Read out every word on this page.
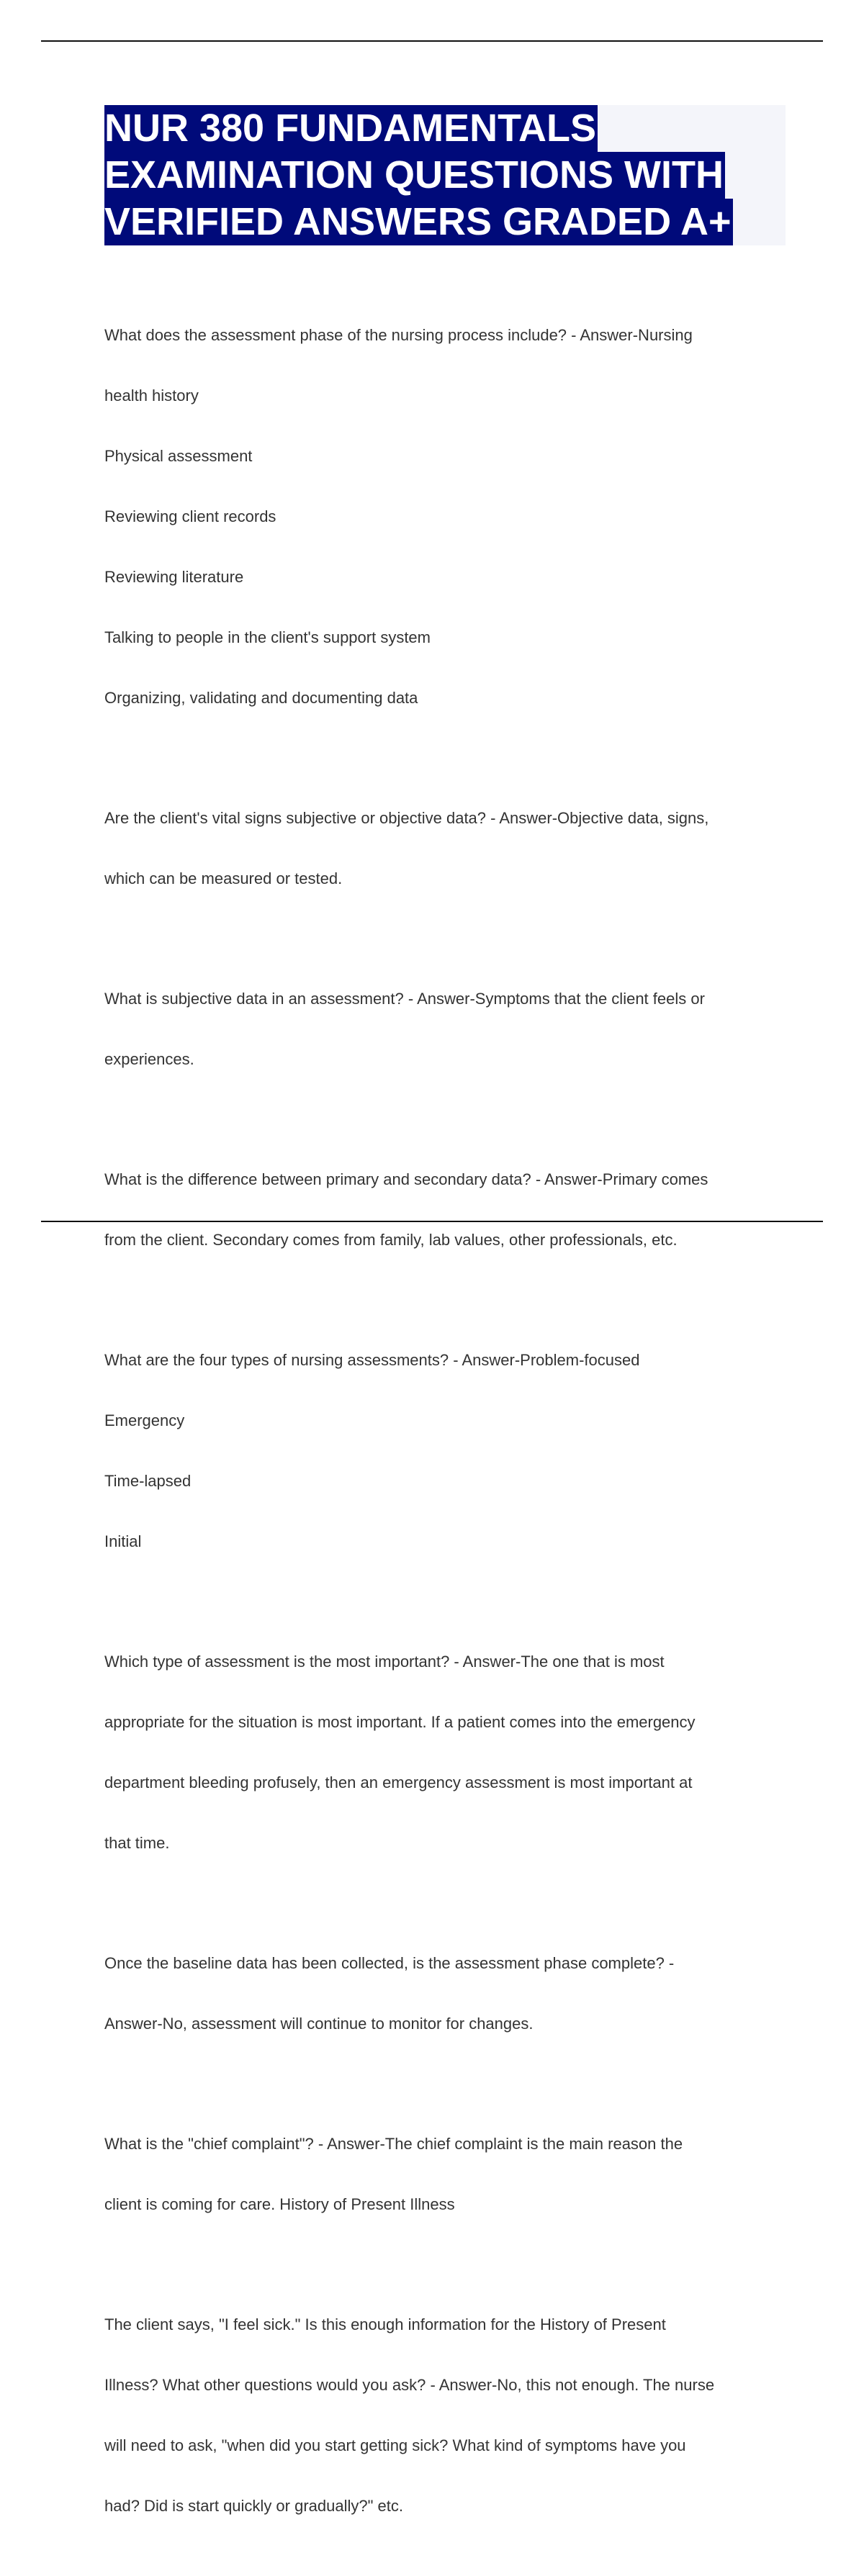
NUR 380 FUNDAMENTALS
EXAMINATION QUESTIONS WITH
VERIFIED ANSWERS GRADED A+

What does the assessment phase of the nursing process include? - Answer-Nursing

health history

Physical assessment

Reviewing client records

Reviewing literature

Talking to people in the client's support system

Organizing, validating and documenting data

Are the client's vital signs subjective or objective data? - Answer-Objective data, signs,

which can be measured or tested.

What is subjective data in an assessment? - Answer-Symptoms that the client feels or

experiences.

What is the difference between primary and secondary data? - Answer-Primary comes

from the client. Secondary comes from family, lab values, other professionals, etc.

What are the four types of nursing assessments? - Answer-Problem-focused

Emergency

Time-lapsed

Initial

Which type of assessment is the most important? - Answer-The one that is most

appropriate for the situation is most important. If a patient comes into the emergency

department bleeding profusely, then an emergency assessment is most important at

that time.

Once the baseline data has been collected, is the assessment phase complete? -

Answer-No, assessment will continue to monitor for changes.

What is the "chief complaint"? - Answer-The chief complaint is the main reason the

client is coming for care. History of Present Illness

The client says, "I feel sick." Is this enough information for the History of Present

Illness? What other questions would you ask? - Answer-No, this not enough. The nurse

will need to ask, "when did you start getting sick? What kind of symptoms have you

had? Did is start quickly or gradually?" etc.
